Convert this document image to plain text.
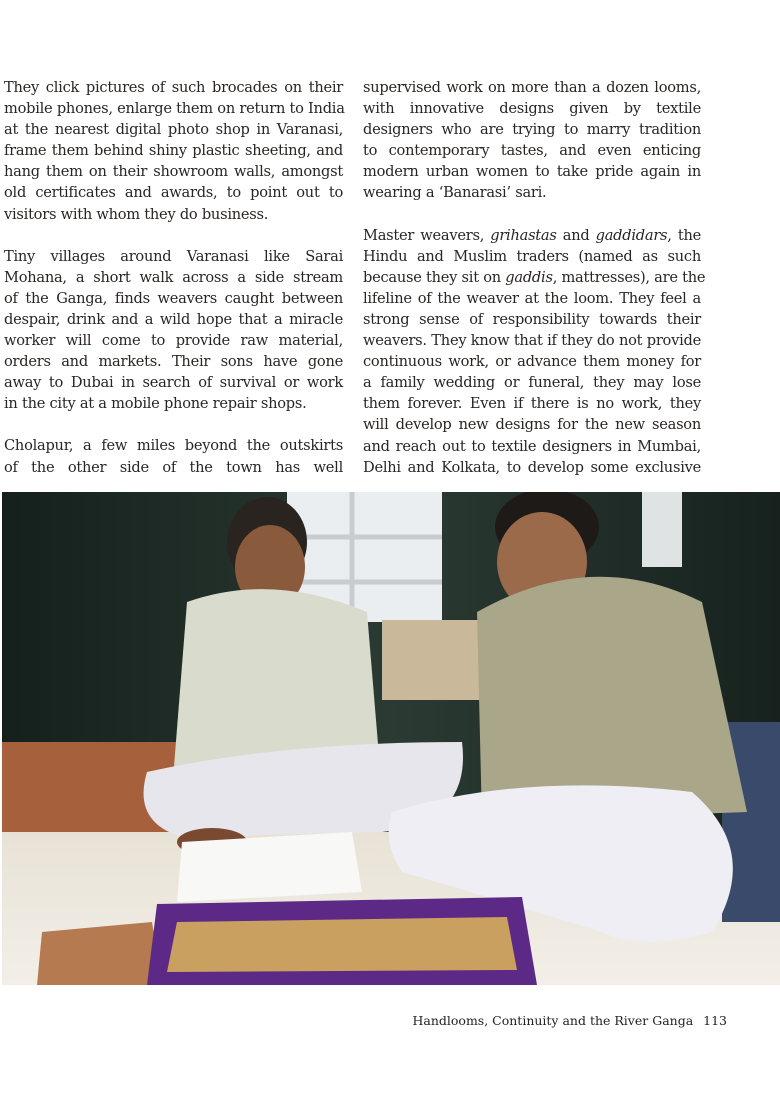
They click pictures of such brocades on their
mobile phones, enlarge them on return to India
at the nearest digital photo shop in Varanasi,
frame them behind shiny plastic sheeting, and
hang them on their showroom walls, amongst
old certificates and awards, to point out to
visitors with whom they do business.
Tiny villages around Varanasi like Sarai
Mohana, a short walk across a side stream
of the Ganga, finds weavers caught between
despair, drink and a wild hope that a miracle
worker will come to provide raw material,
orders and markets. Their sons have gone
away to Dubai in search of survival or work
in the city at a mobile phone repair shops.
Cholapur, a few miles beyond the outskirts
of the other side of the town has well
supervised work on more than a dozen looms,
with innovative designs given by textile
designers who are trying to marry tradition
to contemporary tastes, and even enticing
modern urban women to take pride again in
wearing a ‘Banarasi’ sari.
Master weavers, grihastas and gaddidars, the
Hindu and Muslim traders (named as such
because they sit on gaddis, mattresses), are the
lifeline of the weaver at the loom. They feel a
strong sense of responsibility towards their
weavers. They know that if they do not provide
continuous work, or advance them money for
a family wedding or funeral, they may lose
them forever. Even if there is no work, they
will develop new designs for the new season
and reach out to textile designers in Mumbai,
Delhi and Kolkata, to develop some exclusive
Handlooms, Continuity and the River Ganga 113
